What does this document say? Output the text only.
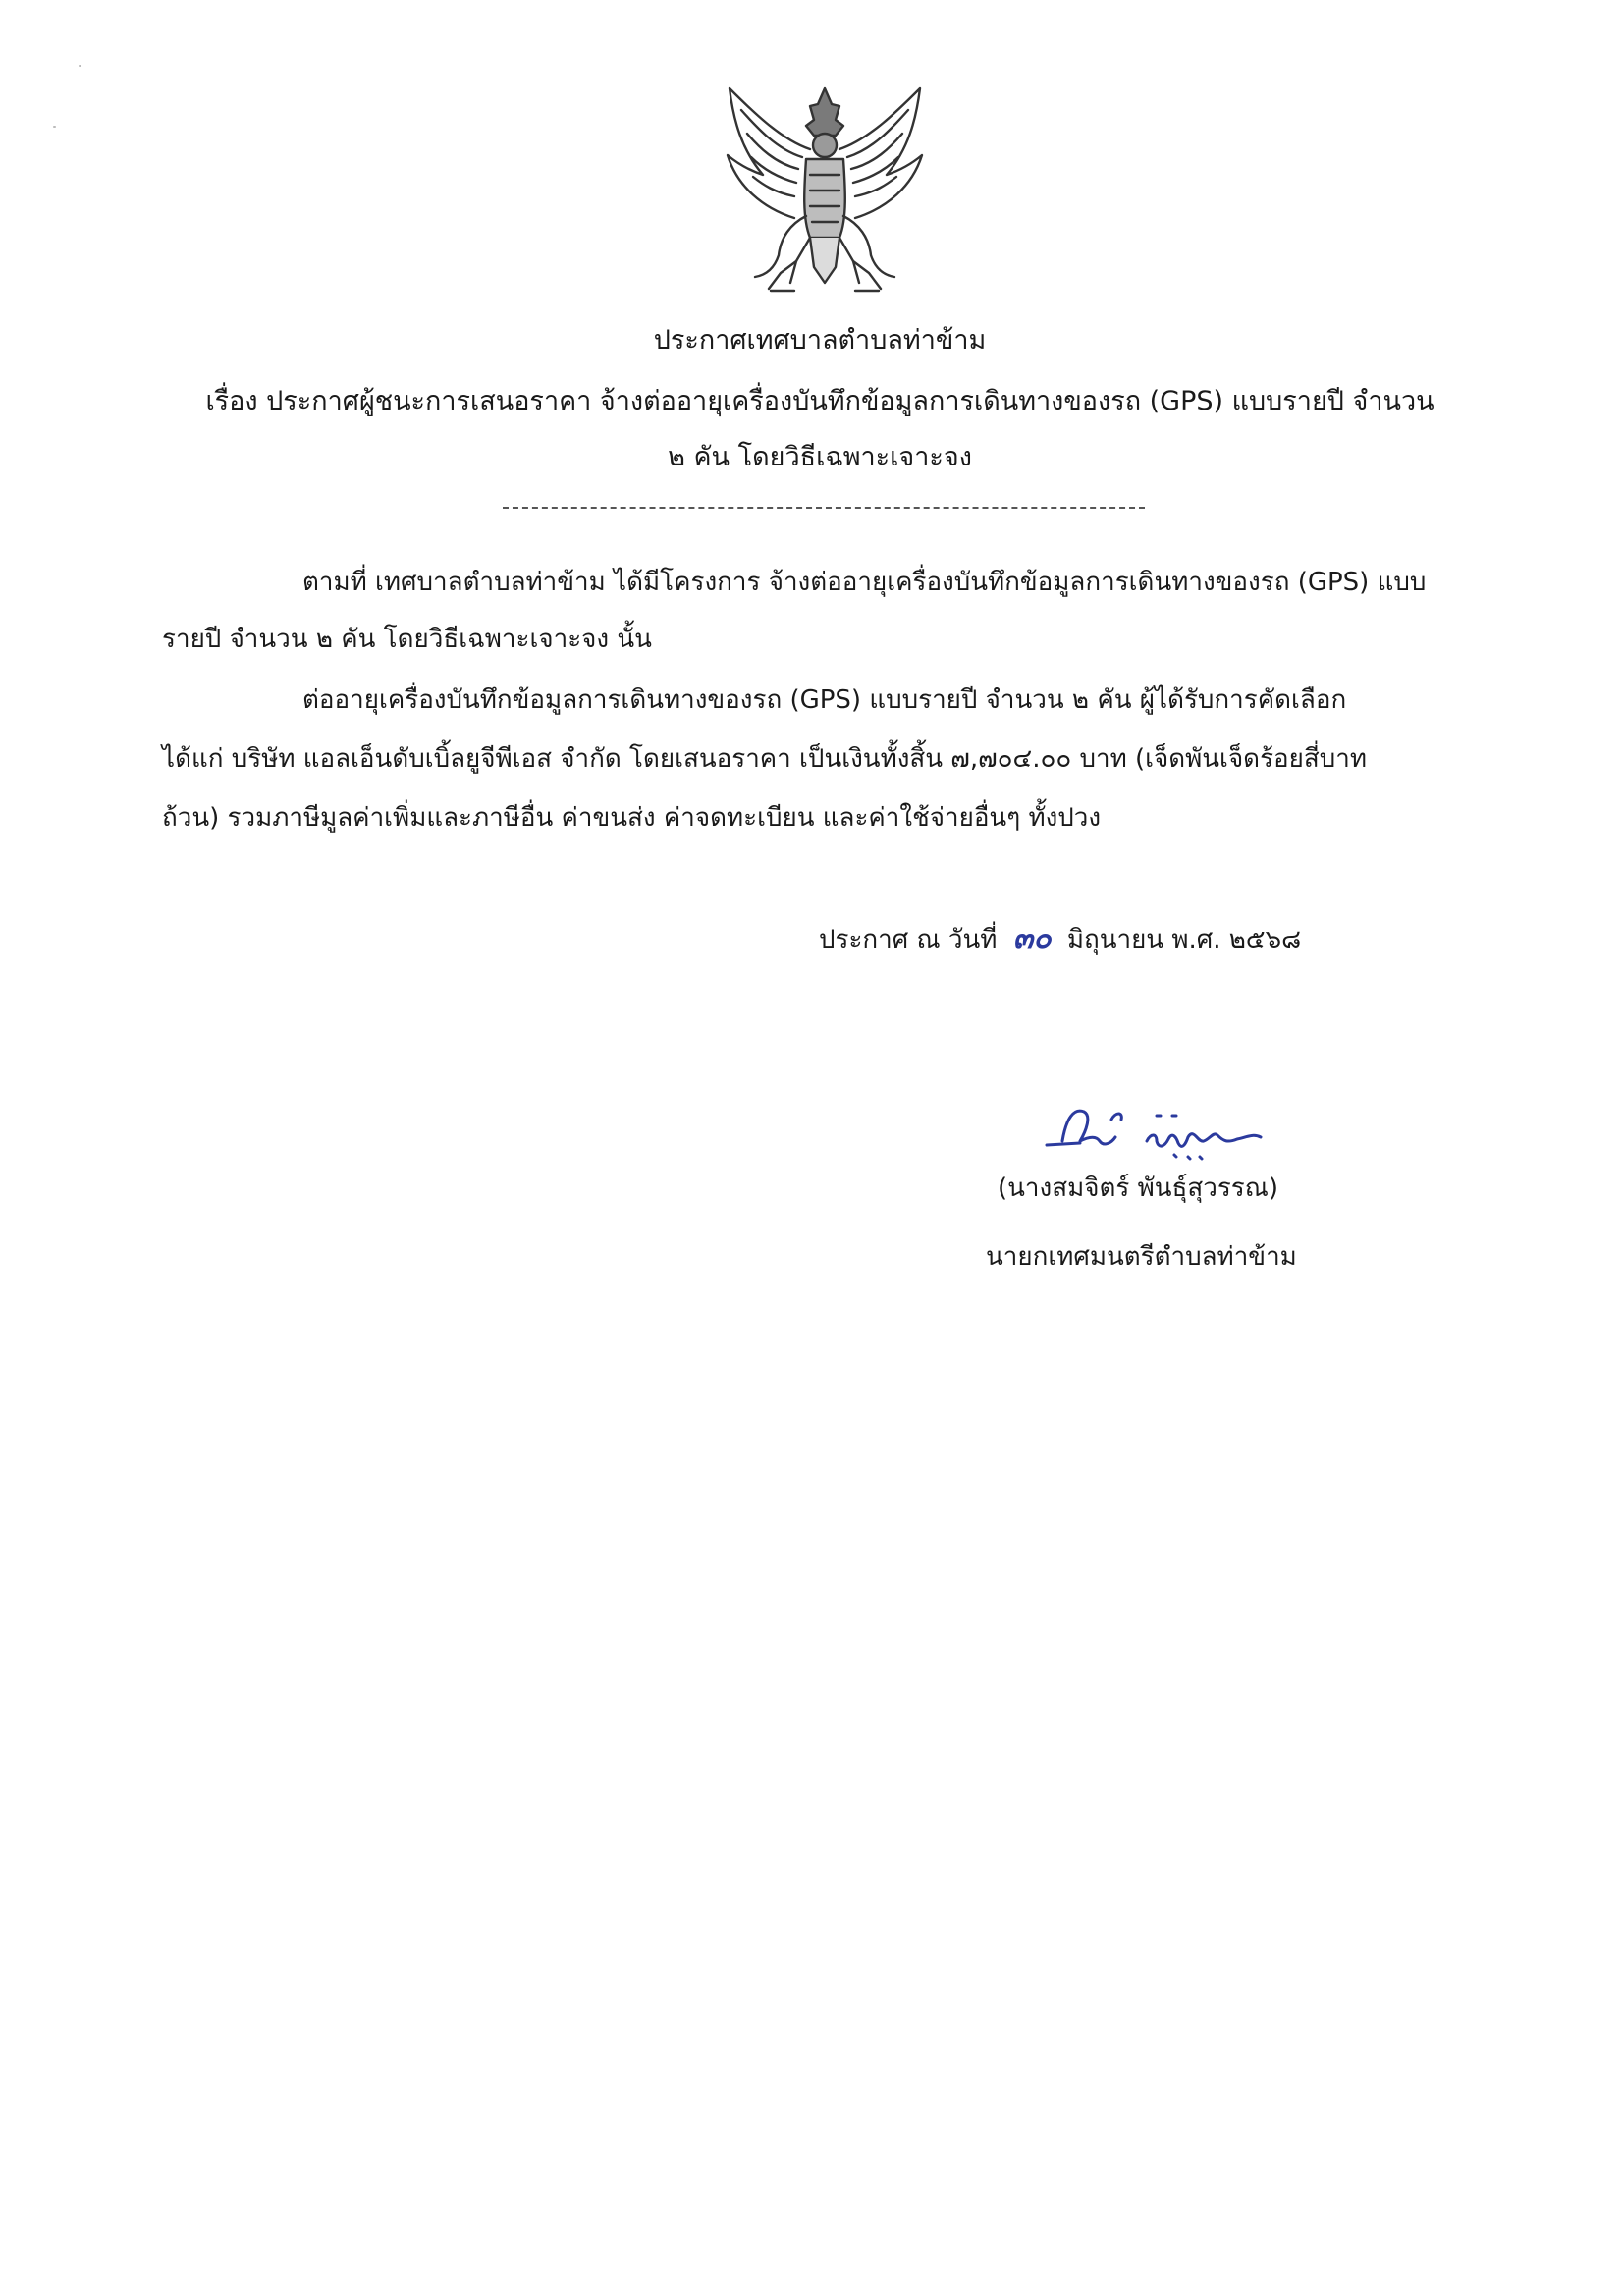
ประกาศเทศบาลตำบลท่าข้าม
เรื่อง ประกาศผู้ชนะการเสนอราคา จ้างต่ออายุเครื่องบันทึกข้อมูลการเดินทางของรถ (GPS) แบบรายปี จำนวน
๒ คัน โดยวิธีเฉพาะเจาะจง
ตามที่ เทศบาลตำบลท่าข้าม ได้มีโครงการ จ้างต่ออายุเครื่องบันทึกข้อมูลการเดินทางของรถ (GPS) แบบ
รายปี จำนวน ๒ คัน โดยวิธีเฉพาะเจาะจง นั้น
ต่ออายุเครื่องบันทึกข้อมูลการเดินทางของรถ (GPS) แบบรายปี จำนวน ๒ คัน ผู้ได้รับการคัดเลือก
ได้แก่ บริษัท แอลเอ็นดับเบิ้ลยูจีพีเอส จำกัด โดยเสนอราคา เป็นเงินทั้งสิ้น ๗,๗๐๔.๐๐ บาท (เจ็ดพันเจ็ดร้อยสี่บาท
ถ้วน) รวมภาษีมูลค่าเพิ่มและภาษีอื่น ค่าขนส่ง ค่าจดทะเบียน และค่าใช้จ่ายอื่นๆ ทั้งปวง
ประกาศ ณ วันที่ ๓๐ มิถุนายน พ.ศ. ๒๕๖๘
(นางสมจิตร์ พันธุ์สุวรรณ)
นายกเทศมนตรีตำบลท่าข้าม
